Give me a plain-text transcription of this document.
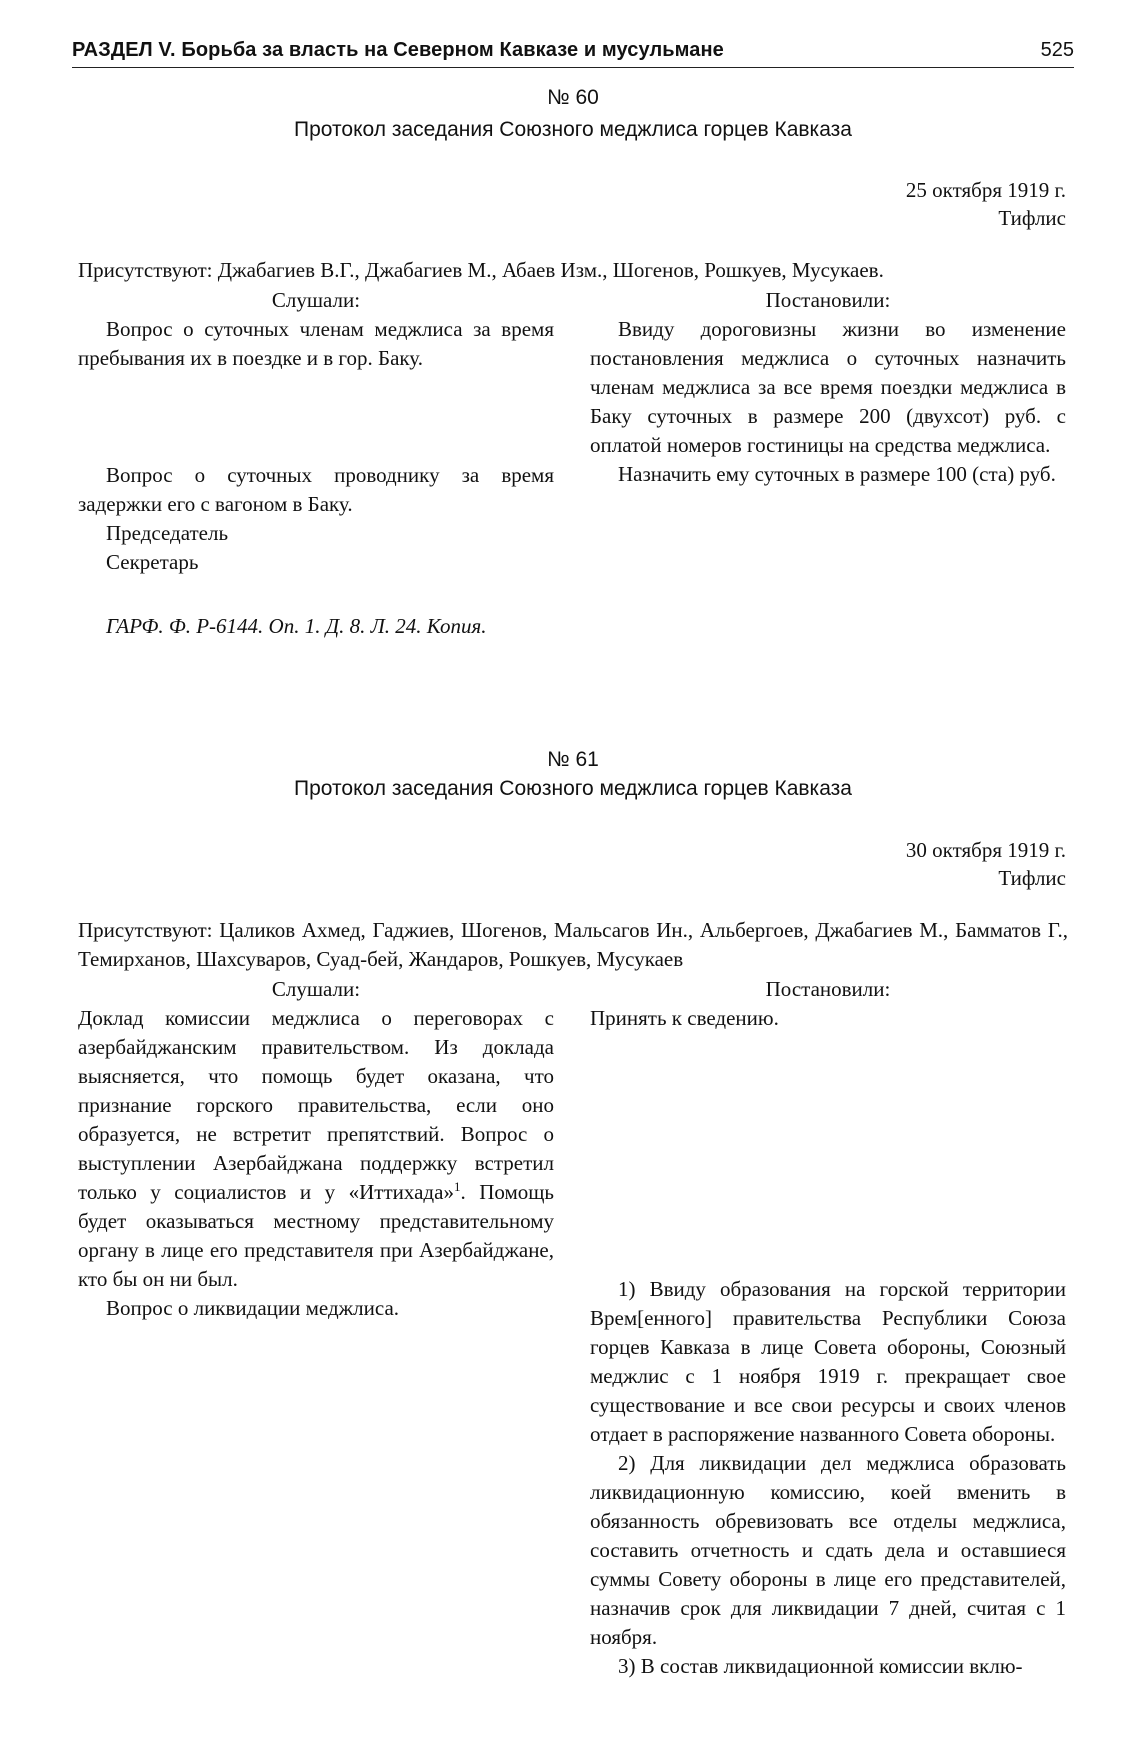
РАЗДЕЛ V. Борьба за власть на Северном Кавказе и мусульмане	525
№ 60
Протокол заседания Союзного меджлиса горцев Кавказа
25 октября 1919 г.
Тифлис
Присутствуют: Джабагиев В.Г., Джабагиев М., Абаев Изм., Шогенов, Рошкуев, Мусукаев.
Слушали:

Вопрос о суточных членам меджлиса за время пребывания их в поездке и в гор. Баку.

Вопрос о суточных проводнику за время задержки его с вагоном в Баку.

Председатель

Секретарь

Постановили:

Ввиду дороговизны жизни во изменение постановления меджлиса о суточных назначить членам меджлиса за все время поездки меджлиса в Баку суточных в размере 200 (двухсот) руб. с оплатой номеров гостиницы на средства меджлиса.

Назначить ему суточных в размере 100 (ста) руб.

ГАРФ. Ф. Р-6144. Оп. 1. Д. 8. Л. 24. Копия.
№ 61
Протокол заседания Союзного меджлиса горцев Кавказа
30 октября 1919 г.
Тифлис
Присутствуют: Цаликов Ахмед, Гаджиев, Шогенов, Мальсагов Ин., Альбергоев, Джабагиев М., Бамматов Г., Темирханов, Шахсуваров, Суад-бей, Жандаров, Рошкуев, Мусукаев
Слушали:

Доклад комиссии меджлиса о переговорах с азербайджанским правительством. Из доклада выясняется, что помощь будет оказана, что признание горского правительства, если оно образуется, не встретит препятствий. Вопрос о выступлении Азербайджана поддержку встретил только у социалистов и у «Иттихада»$^1$. Помощь будет оказываться местному представительному органу в лице его представителя при Азербайджане, кто бы он ни был.

Вопрос о ликвидации меджлиса.

Постановили:

Принять к сведению.

1) Ввиду образования на горской территории Врем[енного] правительства Республики Союза горцев Кавказа в лице Совета обороны, Союзный меджлис с 1 ноября 1919 г. прекращает свое существование и все свои ресурсы и своих членов отдает в распоряжение названного Совета обороны.

2) Для ликвидации дел меджлиса образовать ликвидационную комиссию, коей вменить в обязанность обревизовать все отделы меджлиса, составить отчетность и сдать дела и оставшиеся суммы Совету обороны в лице его представителей, назначив срок для ликвидации 7 дней, считая с 1 ноября.

3) В состав ликвидационной комиссии вклю-
